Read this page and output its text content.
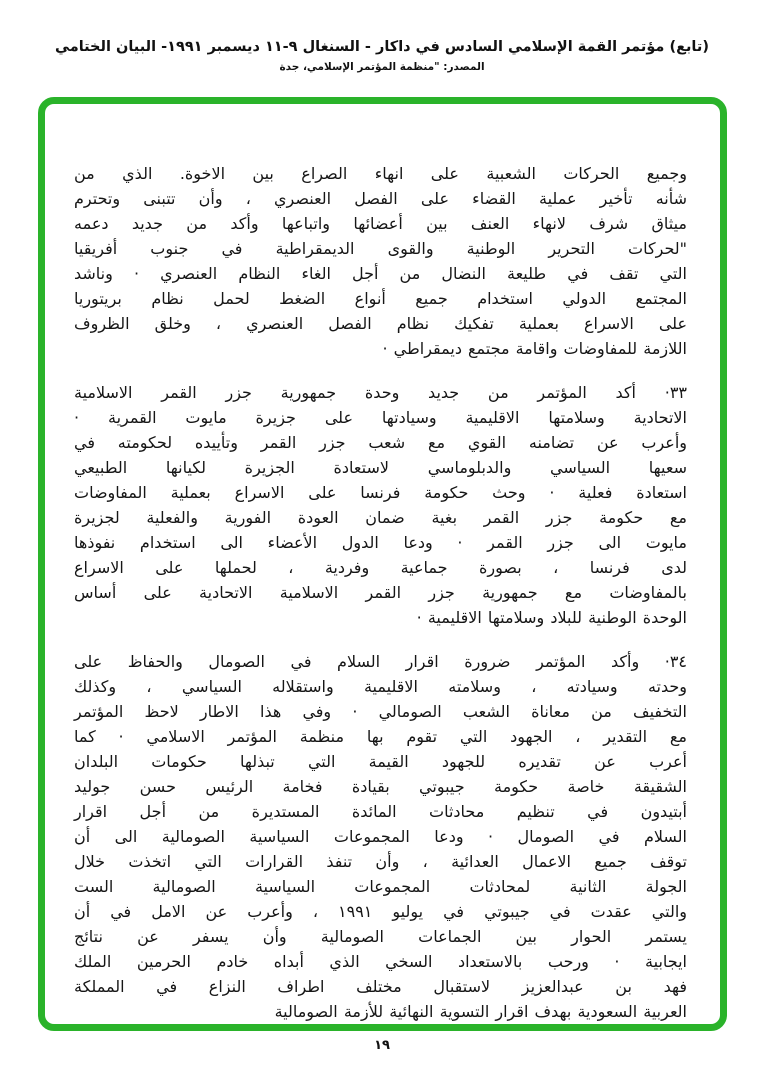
(تابع) مؤتمر القمة الإسلامي السادس في داكار - السنغال ٩-١١ ديسمبر ١٩٩١- البيان الختامي
المصدر: "منظمة المؤتمر الإسلامي، جدة
وجميع الحركات الشعبية على انهاء الصراع بين الاخوة. الذي من
شأنه تأخير عملية القضاء على الفصل العنصري ، وأن تتبنى وتحترم
ميثاق شرف لانهاء العنف بين أعضائها واتباعها وأكد من جديد دعمه
"لحركات التحرير الوطنية والقوى الديمقراطية في جنوب أفريقيا
التي تقف في طليعة النضال من أجل الغاء النظام العنصري · وناشد
المجتمع الدولي استخدام جميع أنواع الضغط لحمل نظام بريتوريا
على الاسراع بعملية تفكيك نظام الفصل العنصري ، وخلق الظروف
اللازمة للمفاوضات واقامة مجتمع ديمقراطي ·
٣٣· أكد المؤتمر من جديد وحدة جمهورية جزر القمر الاسلامية
الاتحادية وسلامتها الاقليمية وسيادتها على جزيرة مايوت القمرية ·
وأعرب عن تضامنه القوي مع شعب جزر القمر وتأييده لحكومته في
سعيها السياسي والدبلوماسي لاستعادة الجزيرة لكيانها الطبيعي
استعادة فعلية · وحث حكومة فرنسا على الاسراع بعملية المفاوضات
مع حكومة جزر القمر بغية ضمان العودة الفورية والفعلية لجزيرة
مايوت الى جزر القمر · ودعا الدول الأعضاء الى استخدام نفوذها
لدى فرنسا ، بصورة جماعية وفردية ، لحملها على الاسراع
بالمفاوضات مع جمهورية جزر القمر الاسلامية الاتحادية على أساس
الوحدة الوطنية للبلاد وسلامتها الاقليمية ·
٣٤· وأكد المؤتمر ضرورة اقرار السلام في الصومال والحفاظ على
وحدته وسيادته ، وسلامته الاقليمية واستقلاله السياسي ، وكذلك
التخفيف من معاناة الشعب الصومالي · وفي هذا الاطار لاحظ المؤتمر
مع التقدير ، الجهود التي تقوم بها منظمة المؤتمر الاسلامي · كما
أعرب عن تقديره للجهود القيمة التي تبذلها حكومات البلدان
الشقيقة خاصة حكومة جيبوتي بقيادة فخامة الرئيس حسن جوليد
أبتيدون في تنظيم محادثات المائدة المستديرة من أجل اقرار
السلام في الصومال · ودعا المجموعات السياسية الصومالية الى أن
توقف جميع الاعمال العدائية ، وأن تنفذ القرارات التي اتخذت خلال
الجولة الثانية لمحادثات المجموعات السياسية الصومالية الست
والتي عقدت في جيبوتي في يوليو ١٩٩١ ، وأعرب عن الامل في أن
يستمر الحوار بين الجماعات الصومالية وأن يسفر عن نتائج
ايجابية · ورحب بالاستعداد السخي الذي أبداه خادم الحرمين الملك
فهد بن عبدالعزيز لاستقبال مختلف اطراف النزاع في المملكة
العربية السعودية بهدف اقرار التسوية النهائية للأزمة الصومالية
١٩
